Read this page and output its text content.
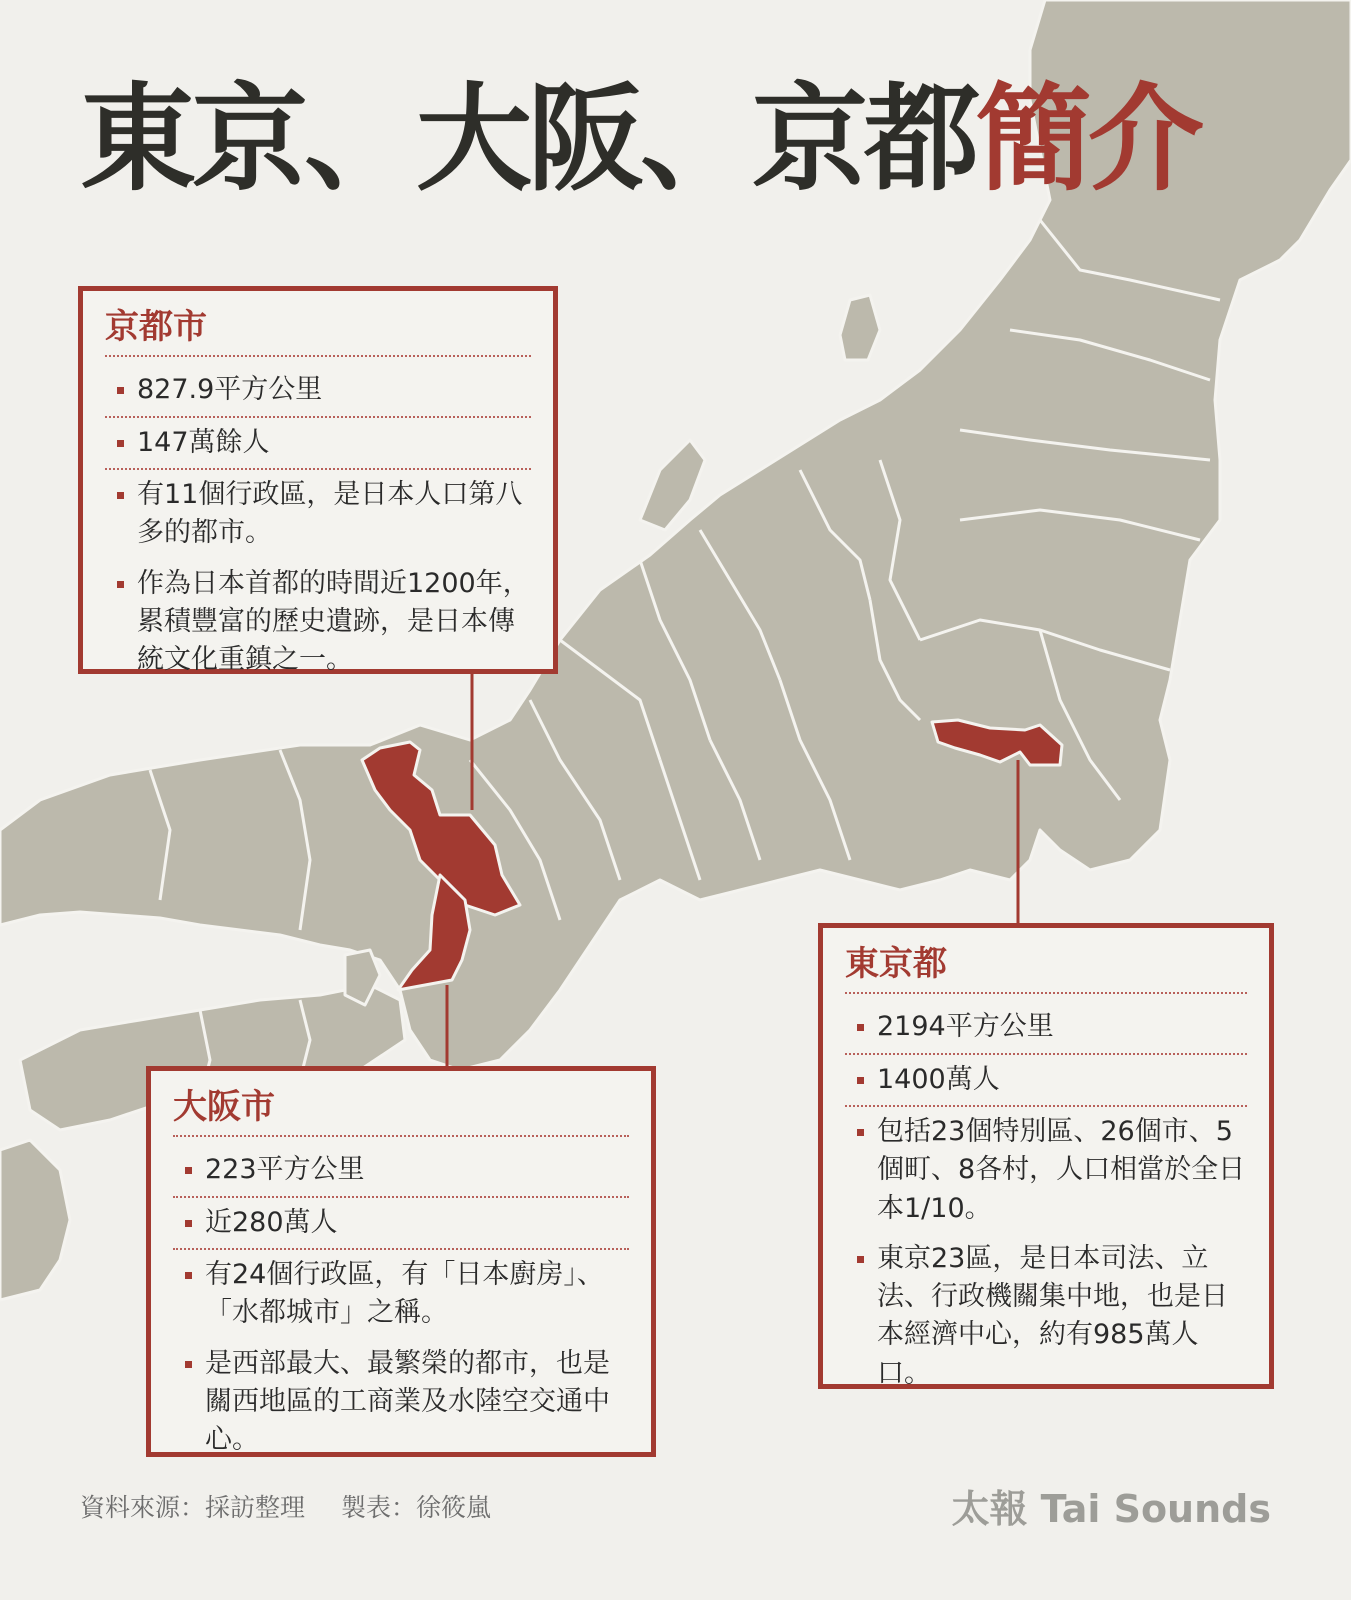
東京、大阪、京都簡介
京都市
827.9平方公里
147萬餘人
有11個行政區，是日本人口第八多的都市。
作為日本首都的時間近1200年，累積豐富的歷史遺跡，是日本傳統文化重鎮之一。
大阪市
223平方公里
近280萬人
有24個行政區，有「日本廚房」、「水都城市」之稱。
是西部最大、最繁榮的都市，也是關西地區的工商業及水陸空交通中心。
東京都
2194平方公里
1400萬人
包括23個特別區、26個市、5個町、8各村，人口相當於全日本1/10。
東京23區，是日本司法、立法、行政機關集中地，也是日本經濟中心，約有985萬人口。
資料來源：採訪整理 製表：徐筱嵐	太報 Tai Sounds
